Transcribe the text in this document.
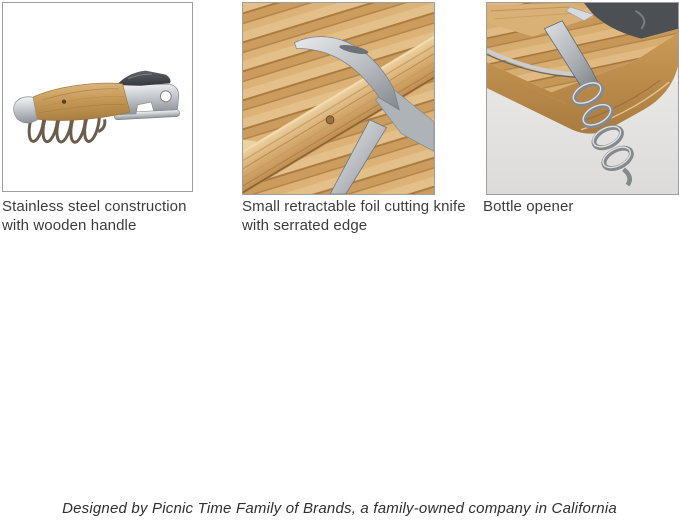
Stainless steel construction with wooden handle
Small retractable foil cutting knife with serrated edge
Bottle opener
Designed by Picnic Time Family of Brands, a family-owned company in California
